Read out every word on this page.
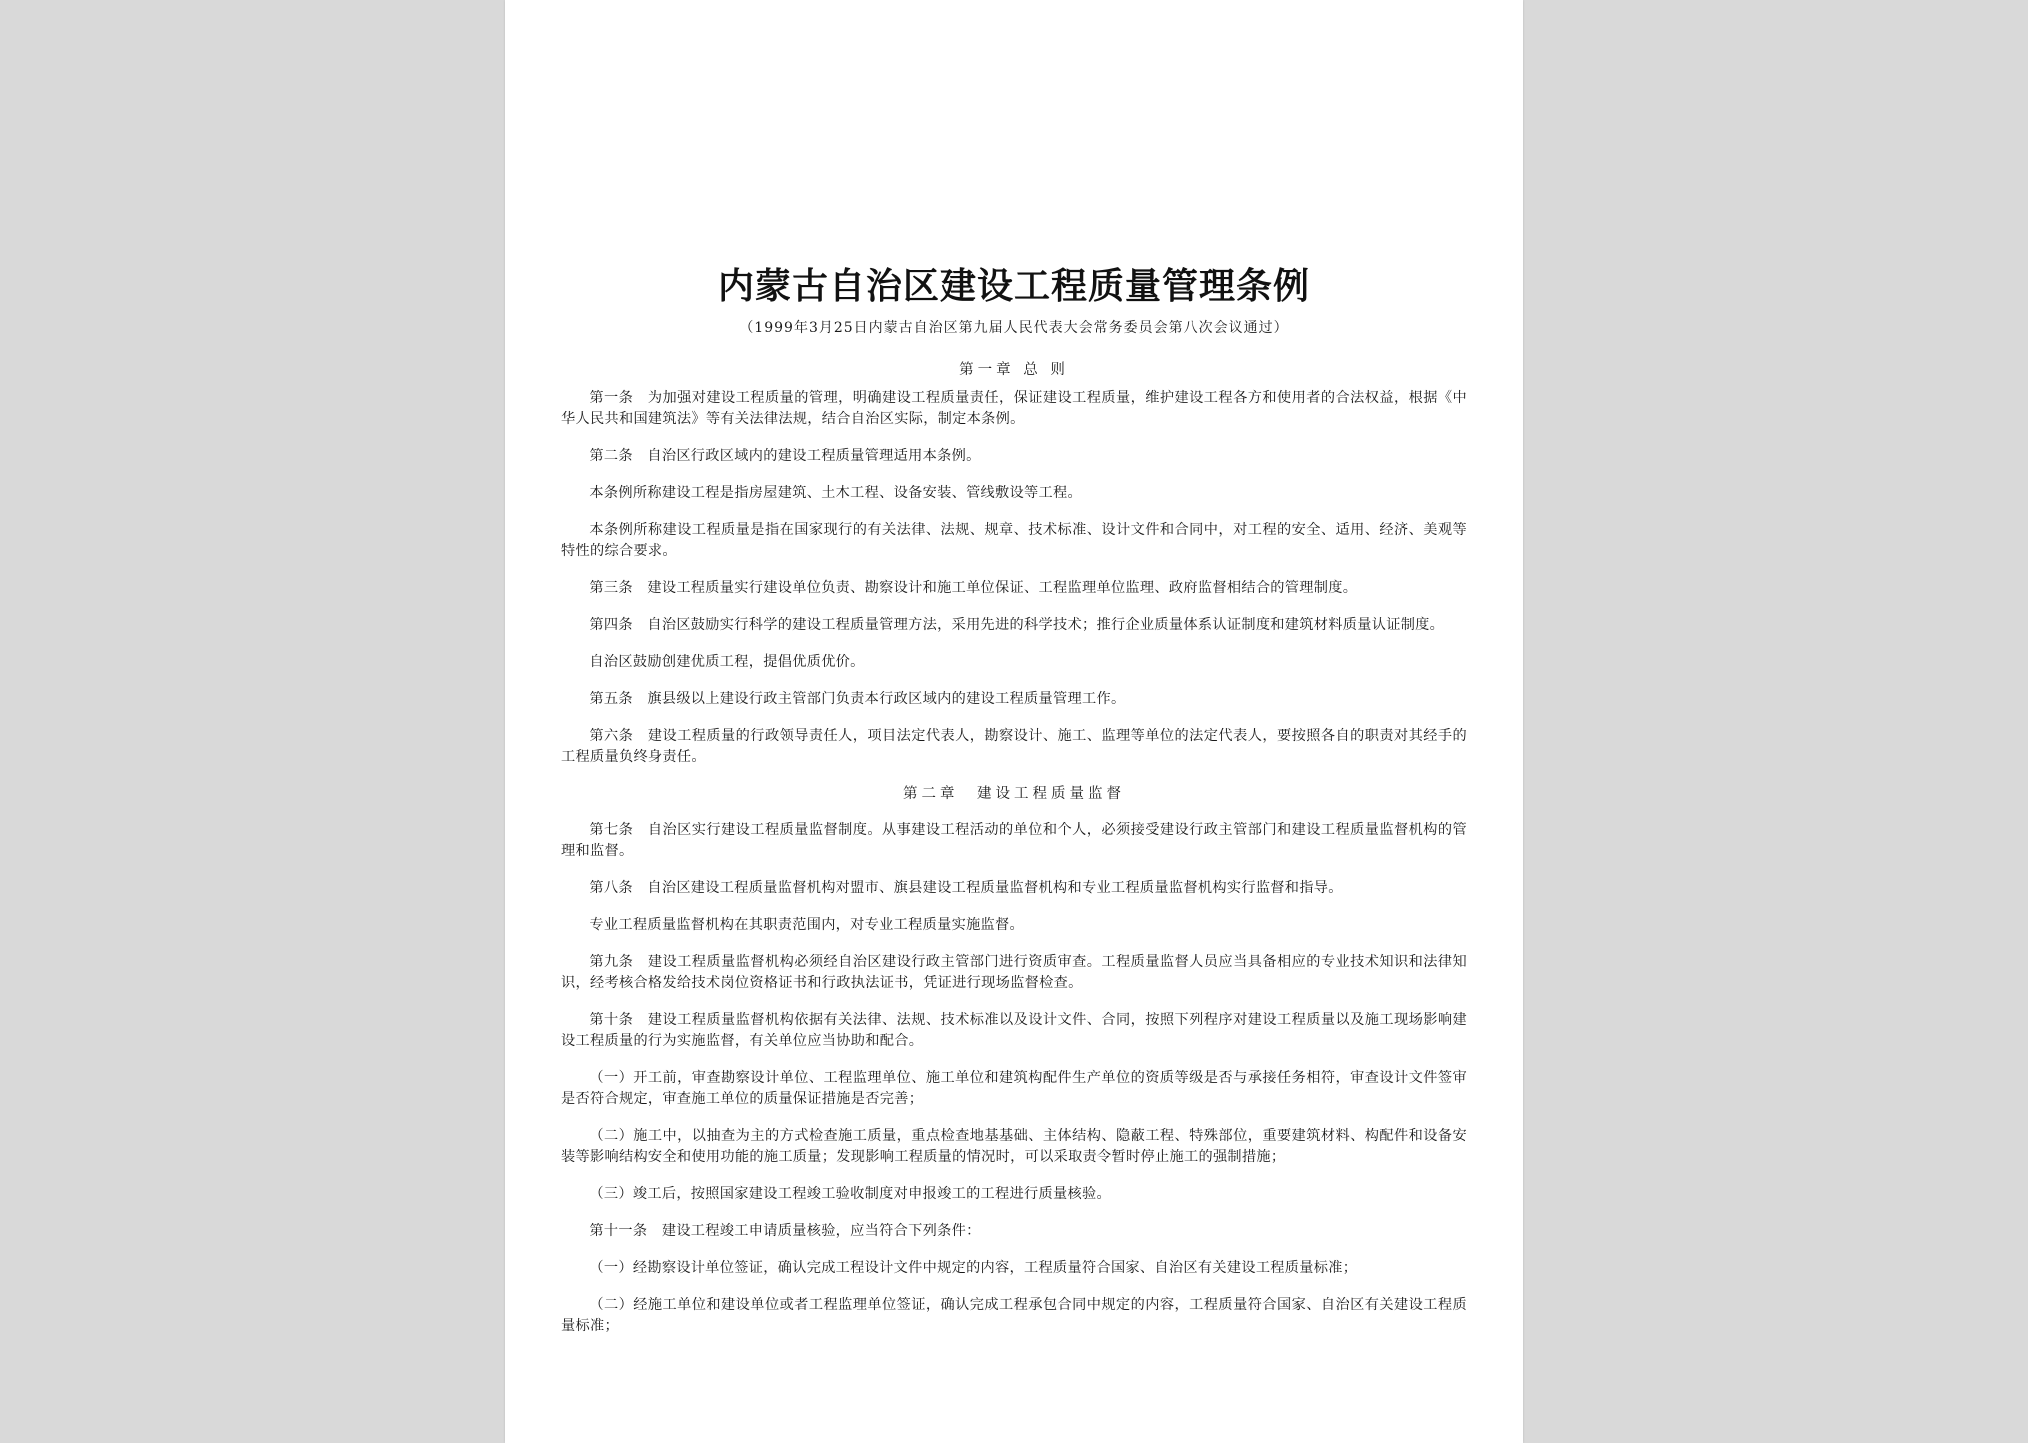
内蒙古自治区建设工程质量管理条例

（1999年3月25日内蒙古自治区第九届人民代表大会常务委员会第八次会议通过）

第一章 总 则

第一条　为加强对建设工程质量的管理，明确建设工程质量责任，保证建设工程质量，维护建设工程各方和使用者的合法权益，根据《中华人民共和国建筑法》等有关法律法规，结合自治区实际，制定本条例。

第二条　自治区行政区域内的建设工程质量管理适用本条例。

本条例所称建设工程是指房屋建筑、土木工程、设备安装、管线敷设等工程。

本条例所称建设工程质量是指在国家现行的有关法律、法规、规章、技术标准、设计文件和合同中，对工程的安全、适用、经济、美观等特性的综合要求。

第三条　建设工程质量实行建设单位负责、勘察设计和施工单位保证、工程监理单位监理、政府监督相结合的管理制度。

第四条　自治区鼓励实行科学的建设工程质量管理方法，采用先进的科学技术；推行企业质量体系认证制度和建筑材料质量认证制度。

自治区鼓励创建优质工程，提倡优质优价。

第五条　旗县级以上建设行政主管部门负责本行政区域内的建设工程质量管理工作。

第六条　建设工程质量的行政领导责任人，项目法定代表人，勘察设计、施工、监理等单位的法定代表人，要按照各自的职责对其经手的工程质量负终身责任。

第二章　建设工程质量监督

第七条　自治区实行建设工程质量监督制度。从事建设工程活动的单位和个人，必须接受建设行政主管部门和建设工程质量监督机构的管理和监督。

第八条　自治区建设工程质量监督机构对盟市、旗县建设工程质量监督机构和专业工程质量监督机构实行监督和指导。

专业工程质量监督机构在其职责范围内，对专业工程质量实施监督。

第九条　建设工程质量监督机构必须经自治区建设行政主管部门进行资质审查。工程质量监督人员应当具备相应的专业技术知识和法律知识，经考核合格发给技术岗位资格证书和行政执法证书，凭证进行现场监督检查。

第十条　建设工程质量监督机构依据有关法律、法规、技术标准以及设计文件、合同，按照下列程序对建设工程质量以及施工现场影响建设工程质量的行为实施监督，有关单位应当协助和配合。

（一）开工前，审查勘察设计单位、工程监理单位、施工单位和建筑构配件生产单位的资质等级是否与承接任务相符，审查设计文件签审是否符合规定，审查施工单位的质量保证措施是否完善；

（二）施工中，以抽查为主的方式检查施工质量，重点检查地基基础、主体结构、隐蔽工程、特殊部位，重要建筑材料、构配件和设备安装等影响结构安全和使用功能的施工质量；发现影响工程质量的情况时，可以采取责令暂时停止施工的强制措施；

（三）竣工后，按照国家建设工程竣工验收制度对申报竣工的工程进行质量核验。

第十一条　建设工程竣工申请质量核验，应当符合下列条件：

（一）经勘察设计单位签证，确认完成工程设计文件中规定的内容，工程质量符合国家、自治区有关建设工程质量标准；

（二）经施工单位和建设单位或者工程监理单位签证，确认完成工程承包合同中规定的内容，工程质量符合国家、自治区有关建设工程质量标准；
